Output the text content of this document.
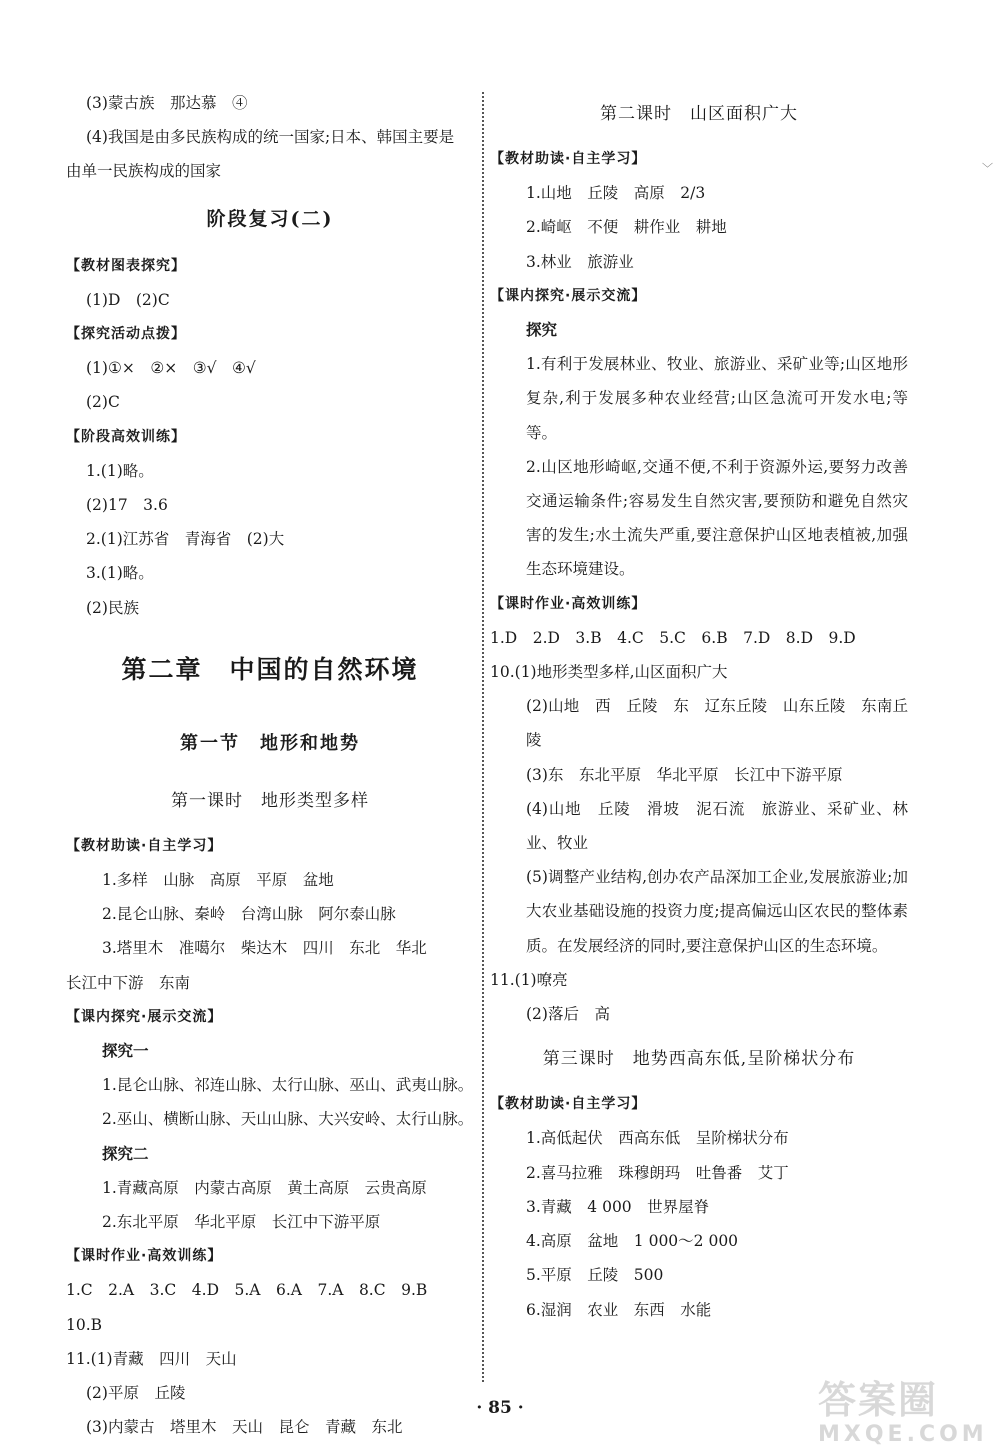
(3)蒙古族　那达慕　④
(4)我国是由多民族构成的统一国家;日本、韩国主要是
由单一民族构成的国家
阶段复习(二)
【教材图表探究】
(1)D　(2)C
【探究活动点拨】
(1)①×　②×　③√　④√
(2)C
【阶段高效训练】
1.(1)略。
(2)17　3.6
2.(1)江苏省　青海省　(2)大
3.(1)略。
(2)民族
第二章　中国的自然环境
第一节　地形和地势
第一课时　地形类型多样
【教材助读·自主学习】
1.多样　山脉　高原　平原　盆地
2.昆仑山脉、秦岭　台湾山脉　阿尔泰山脉
3.塔里木　准噶尔　柴达木　四川　东北　华北
长江中下游　东南
【课内探究·展示交流】
探究一
1.昆仑山脉、祁连山脉、太行山脉、巫山、武夷山脉。
2.巫山、横断山脉、天山山脉、大兴安岭、太行山脉。
探究二
1.青藏高原　内蒙古高原　黄土高原　云贵高原
2.东北平原　华北平原　长江中下游平原
【课时作业·高效训练】
1.C　2.A　3.C　4.D　5.A　6.A　7.A　8.C　9.B
10.B
11.(1)青藏　四川　天山
(2)平原　丘陵
(3)内蒙古　塔里木　天山　昆仑　青藏　东北
第二课时　山区面积广大
【教材助读·自主学习】
1.山地　丘陵　高原　2/3
2.崎岖　不便　耕作业　耕地
3.林业　旅游业
【课内探究·展示交流】
探究
1.有利于发展林业、牧业、旅游业、采矿业等;山区地形复杂,利于发展多种农业经营;山区急流可开发水电;等等。
2.山区地形崎岖,交通不便,不利于资源外运,要努力改善交通运输条件;容易发生自然灾害,要预防和避免自然灾害的发生;水土流失严重,要注意保护山区地表植被,加强生态环境建设。
【课时作业·高效训练】
1.D　2.D　3.B　4.C　5.C　6.B　7.D　8.D　9.D
10.(1)地形类型多样,山区面积广大
(2)山地　西　丘陵　东　辽东丘陵　山东丘陵　东南丘陵
(3)东　东北平原　华北平原　长江中下游平原
(4)山地　丘陵　滑坡　泥石流　旅游业、采矿业、林业、牧业
(5)调整产业结构,创办农产品深加工企业,发展旅游业;加大农业基础设施的投资力度;提高偏远山区农民的整体素质。在发展经济的同时,要注意保护山区的生态环境。
11.(1)嘹亮
(2)落后　高
第三课时　地势西高东低,呈阶梯状分布
【教材助读·自主学习】
1.高低起伏　西高东低　呈阶梯状分布
2.喜马拉雅　珠穆朗玛　吐鲁番　艾丁
3.青藏　4 000　世界屋脊
4.高原　盆地　1 000～2 000
5.平原　丘陵　500
6.湿润　农业　东西　水能
﹀
· 85 ·	答案圈
MXQE.COM
